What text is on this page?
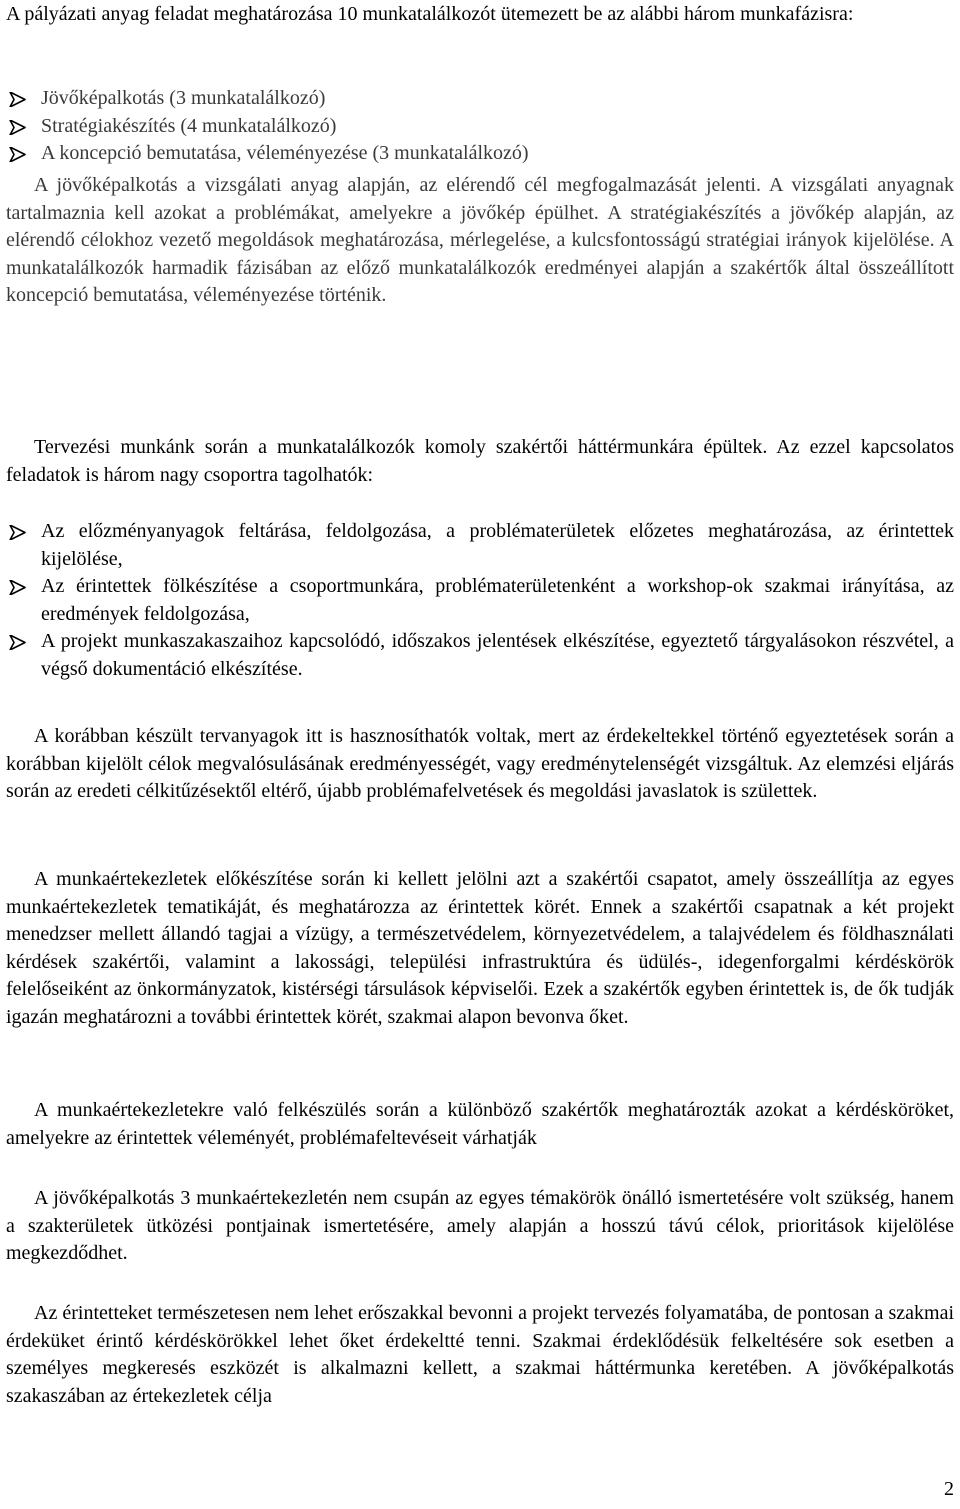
A pályázati anyag feladat meghatározása 10 munkatalálkozót ütemezett be az alábbi három munkafázisra:

Jövőképalkotás (3 munkatalálkozó)
Stratégiakészítés (4 munkatalálkozó)
A koncepció bemutatása, véleményezése (3 munkatalálkozó)

A jövőképalkotás a vizsgálati anyag alapján, az elérendő cél megfogalmazását jelenti. A vizsgálati anyagnak tartalmaznia kell azokat a problémákat, amelyekre a jövőkép épülhet. A stratégiakészítés a jövőkép alapján, az elérendő célokhoz vezető megoldások meghatározása, mérlegelése, a kulcsfontosságú stratégiai irányok kijelölése. A munkatalálkozók harmadik fázisában az előző munkatalálkozók eredményei alapján a szakértők által összeállított koncepció bemutatása, véleményezése történik.

Tervezési munkánk során a munkatalálkozók komoly szakértői háttérmunkára épültek. Az ezzel kapcsolatos feladatok is három nagy csoportra tagolhatók:

Az előzményanyagok feltárása, feldolgozása, a problématerületek előzetes meghatározása, az érintettek kijelölése,
Az érintettek fölkészítése a csoportmunkára, problématerületenként a workshop-ok szakmai irányítása, az eredmények feldolgozása,
A projekt munkaszakaszaihoz kapcsolódó, időszakos jelentések elkészítése, egyeztető tárgyalásokon részvétel, a végső dokumentáció elkészítése.

A korábban készült tervanyagok itt is hasznosíthatók voltak, mert az érdekeltekkel történő egyeztetések során a korábban kijelölt célok megvalósulásának eredményességét, vagy eredménytelenségét vizsgáltuk. Az elemzési eljárás során az eredeti célkitűzésektől eltérő, újabb problémafelvetések és megoldási javaslatok is születtek.

A munkaértekezletek előkészítése során ki kellett jelölni azt a szakértői csapatot, amely összeállítja az egyes munkaértekezletek tematikáját, és meghatározza az érintettek körét. Ennek a szakértői csapatnak a két projekt menedzser mellett állandó tagjai a vízügy, a természetvédelem, környezetvédelem, a talajvédelem és földhasználati kérdések szakértői, valamint a lakossági, települési infrastruktúra és üdülés-, idegenforgalmi kérdéskörök felelőseiként az önkormányzatok, kistérségi társulások képviselői. Ezek a szakértők egyben érintettek is, de ők tudják igazán meghatározni a további érintettek körét, szakmai alapon bevonva őket.

A munkaértekezletekre való felkészülés során a különböző szakértők meghatározták azokat a kérdésköröket, amelyekre az érintettek véleményét, problémafeltevéseit várhatják

A jövőképalkotás 3 munkaértekezletén nem csupán az egyes témakörök önálló ismertetésére volt szükség, hanem a szakterületek ütközési pontjainak ismertetésére, amely alapján a hosszú távú célok, prioritások kijelölése megkezdődhet.

Az érintetteket természetesen nem lehet erőszakkal bevonni a projekt tervezés folyamatába, de pontosan a szakmai érdeküket érintő kérdéskörökkel lehet őket érdekeltté tenni. Szakmai érdeklődésük felkeltésére sok esetben a személyes megkeresés eszközét is alkalmazni kellett, a szakmai háttérmunka keretében. A jövőképalkotás szakaszában az értekezletek célja

2
